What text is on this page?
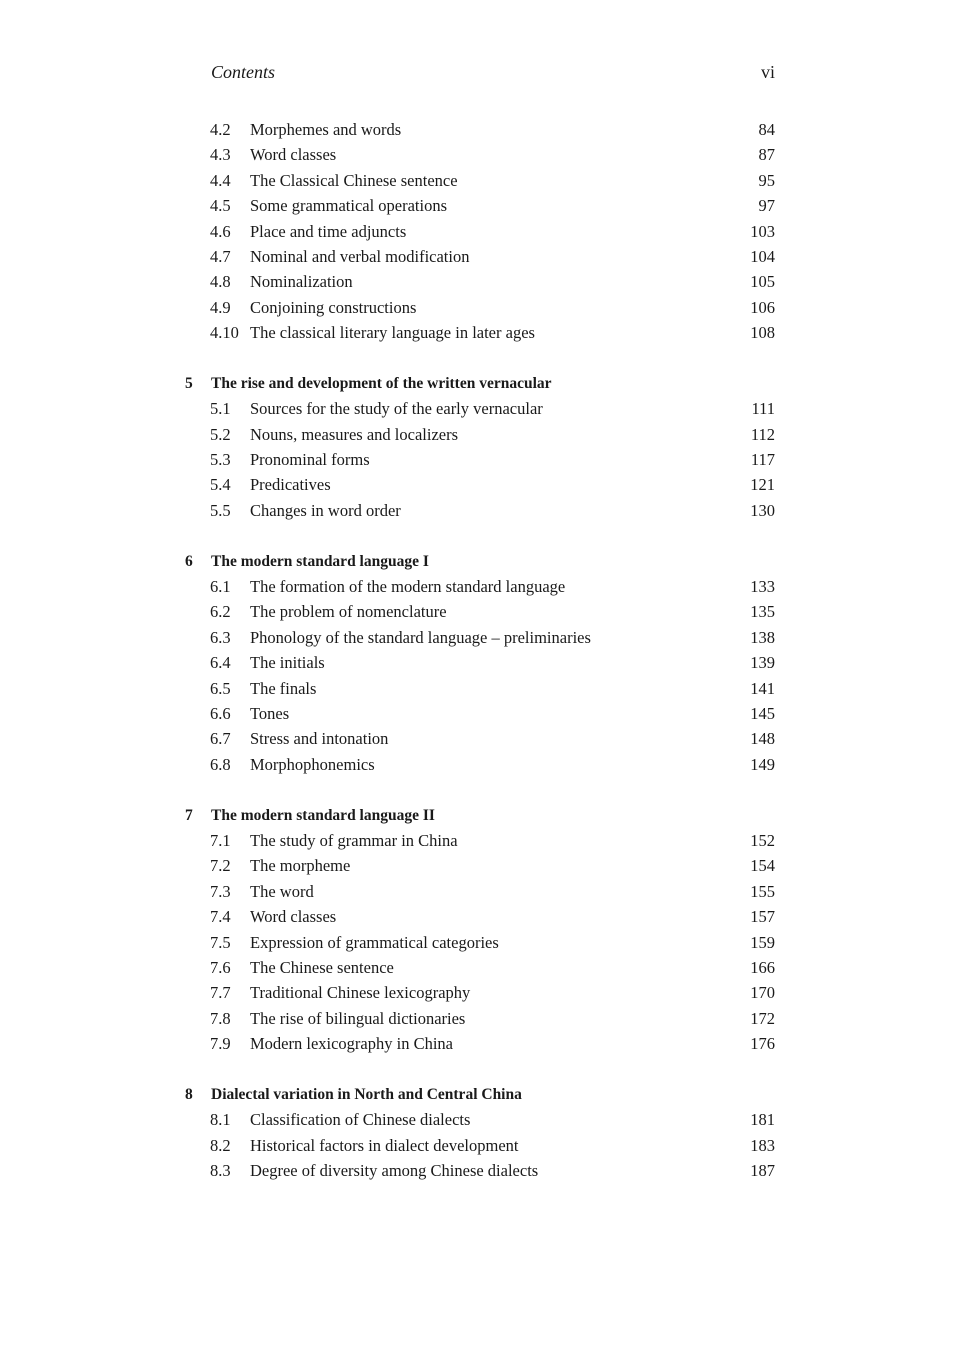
Contents	vi
4.2 Morphemes and words	84
4.3 Word classes	87
4.4 The Classical Chinese sentence	95
4.5 Some grammatical operations	97
4.6 Place and time adjuncts	103
4.7 Nominal and verbal modification	104
4.8 Nominalization	105
4.9 Conjoining constructions	106
4.10 The classical literary language in later ages	108
5 The rise and development of the written vernacular
5.1 Sources for the study of the early vernacular	111
5.2 Nouns, measures and localizers	112
5.3 Pronominal forms	117
5.4 Predicatives	121
5.5 Changes in word order	130
6 The modern standard language I
6.1 The formation of the modern standard language	133
6.2 The problem of nomenclature	135
6.3 Phonology of the standard language – preliminaries	138
6.4 The initials	139
6.5 The finals	141
6.6 Tones	145
6.7 Stress and intonation	148
6.8 Morphophonemics	149
7 The modern standard language II
7.1 The study of grammar in China	152
7.2 The morpheme	154
7.3 The word	155
7.4 Word classes	157
7.5 Expression of grammatical categories	159
7.6 The Chinese sentence	166
7.7 Traditional Chinese lexicography	170
7.8 The rise of bilingual dictionaries	172
7.9 Modern lexicography in China	176
8 Dialectal variation in North and Central China
8.1 Classification of Chinese dialects	181
8.2 Historical factors in dialect development	183
8.3 Degree of diversity among Chinese dialects	187
